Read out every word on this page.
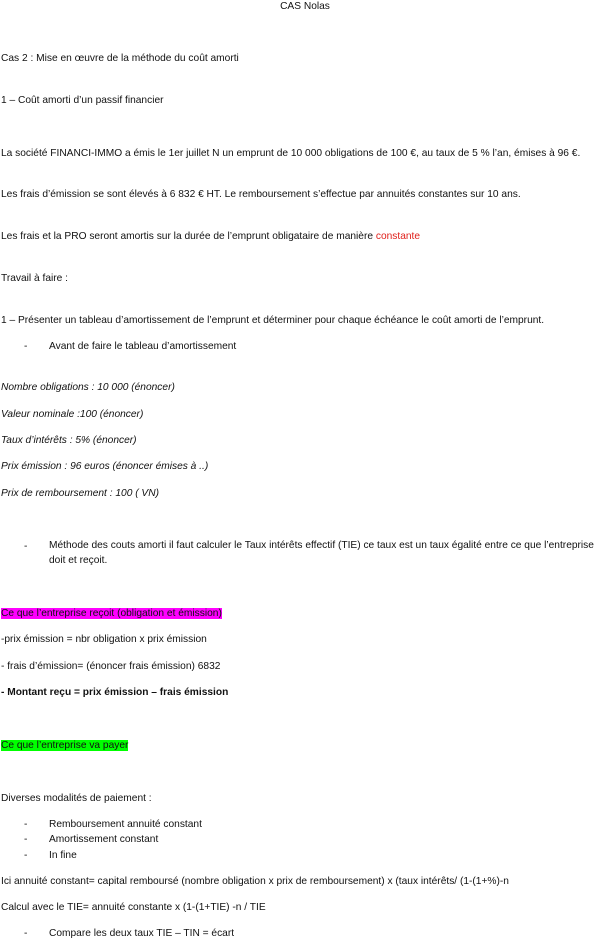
CAS Nolas
Cas 2 : Mise en œuvre de la méthode du coût amorti
1 – Coût amorti d’un passif financier
La société FINANCI-IMMO a émis le 1er juillet N un emprunt de 10 000 obligations de 100 €, au taux de 5 % l’an, émises à 96 €.
Les frais d’émission se sont élevés à 6 832 € HT. Le remboursement s’effectue par annuités constantes sur 10 ans.
Les frais et la PRO seront amortis sur la durée de l’emprunt obligataire de manière constante
Travail à faire :
1 – Présenter un tableau d’amortissement de l’emprunt et déterminer pour chaque échéance le coût amorti de l’emprunt.
- Avant de faire le tableau d’amortissement
Nombre obligations : 10 000 (énoncer)
Valeur nominale :100 (énoncer)
Taux d’intérêts : 5% (énoncer)
Prix émission : 96 euros (énoncer émises à ..)
Prix de remboursement : 100 ( VN)
- Méthode des couts amorti il faut calculer le Taux intérêts effectif (TIE) ce taux est un taux égalité entre ce que l’entreprise doit et reçoit.
Ce que l’entreprise reçoit (obligation et émission)
-prix émission = nbr obligation x prix émission
- frais d’émission= (énoncer frais émission) 6832
- Montant reçu = prix émission – frais émission
Ce que l’entreprise va payer
Diverses modalités de paiement :
- Remboursement annuité constant
- Amortissement constant
- In fine
Ici annuité constant= capital remboursé (nombre obligation x prix de remboursement) x (taux intérêts/ (1-(1+%)-n
Calcul avec le TIE= annuité constante x (1-(1+TIE) -n / TIE
- Compare les deux taux TIE – TIN = écart
